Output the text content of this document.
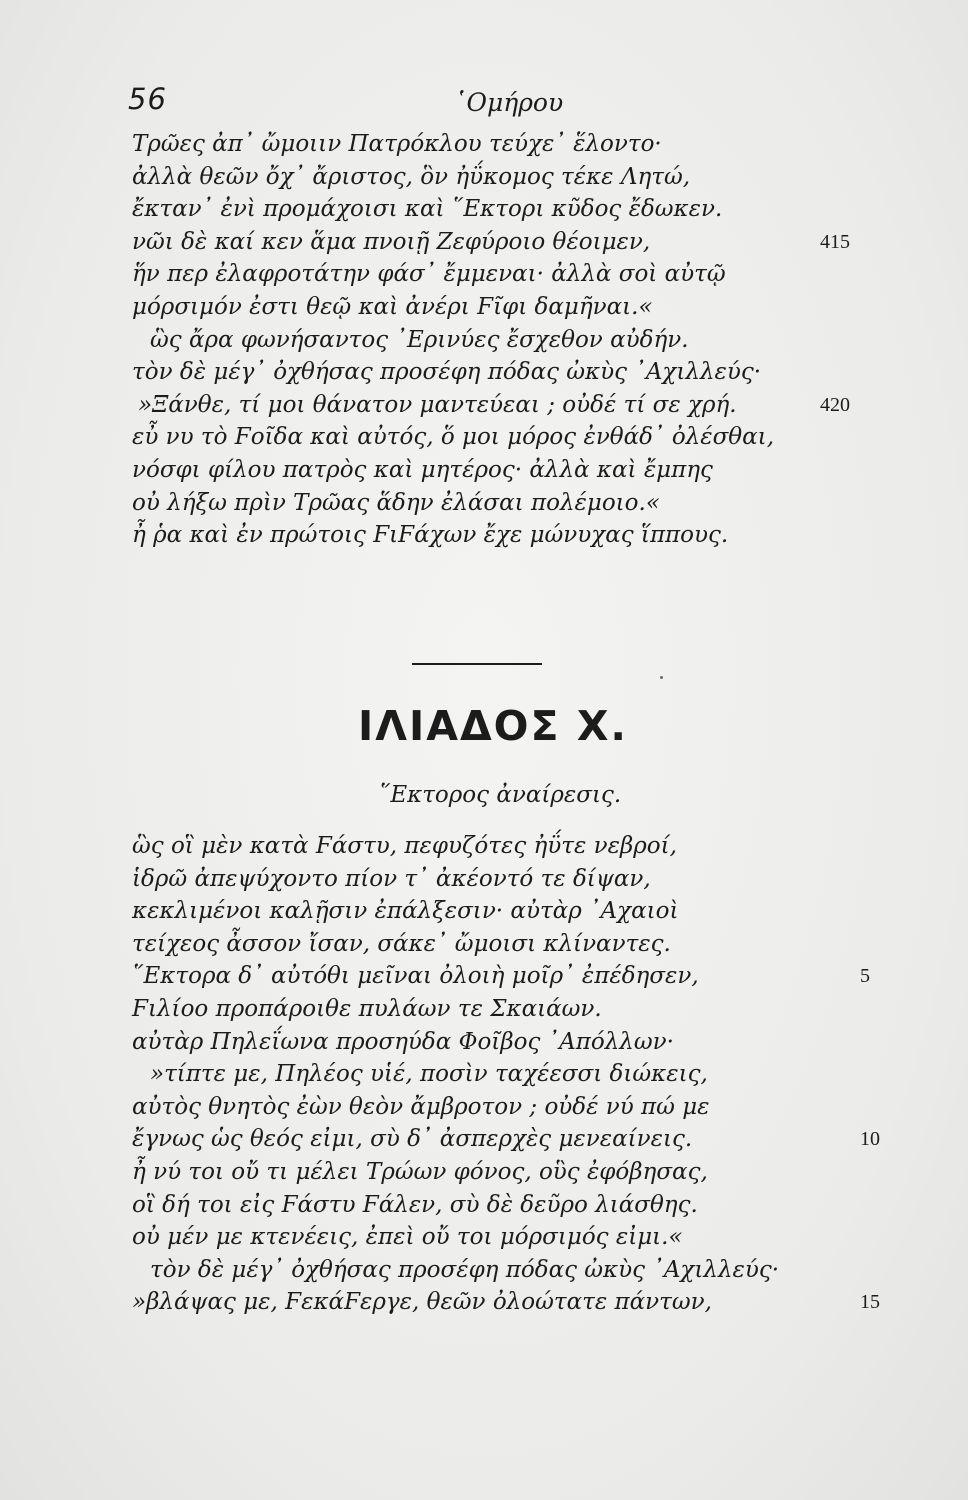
56	῾Ομήρου
Τρῶες ἀπ᾽ ὤμοιιν Πατρόκλου τεύχε᾽ ἕλοντο·
ἀλλὰ θεῶν ὄχ᾽ ἄριστος, ὃν ἠΰκομος τέκε Λητώ,
ἔκταν᾽ ἐνὶ προμάχοισι καὶ ῞Εκτορι κῦδος ἔδωκεν.
νῶι δὲ καί κεν ἅμα πνοιῇ Ζεφύροιο θέοιμεν,	415
ἥν περ ἐλαφροτάτην φάσ᾽ ἔμμεναι· ἀλλὰ σοὶ αὐτῷ
μόρσιμόν ἐστι θεῷ καὶ ἀνέρι Ϝῖφι δαμῆναι.«
ὣς ἄρα φωνήσαντος ᾽Ερινύες ἔσχεθον αὐδήν.
τὸν δὲ μέγ᾽ ὀχθήσας προσέφη πόδας ὠκὺς ᾽Αχιλλεύς·
»Ξάνθε, τί μοι θάνατον μαντεύεαι ; οὐδέ τί σε χρή.	420
εὖ νυ τὸ Ϝοῖδα καὶ αὐτός, ὅ μοι μόρος ἐνθάδ᾽ ὀλέσθαι,
νόσφι φίλου πατρὸς καὶ μητέρος· ἀλλὰ καὶ ἔμπης
οὐ λήξω πρὶν Τρῶας ἅδην ἐλάσαι πολέμοιο.«
ἦ ῥα καὶ ἐν πρώτοις ϜιϜάχων ἔχε μώνυχας ἵππους.
ΙΛΙΑΔΟΣ Χ.
῞Εκτορος ἀναίρεσις.
ὣς οἳ μὲν κατὰ Ϝάστυ, πεφυζότες ἠΰτε νεβροί,
ἱδρῶ ἀπεψύχοντο πίον τ᾽ ἀκέοντό τε δίψαν,
κεκλιμένοι καλῇσιν ἐπάλξεσιν· αὐτὰρ ᾽Αχαιοὶ
τείχεος ἆσσον ἴσαν, σάκε᾽ ὤμοισι κλίναντες.
῞Εκτορα δ᾽ αὐτόθι μεῖναι ὀλοιὴ μοῖρ᾽ ἐπέδησεν,	5
Ϝιλίοο προπάροιθε πυλάων τε Σκαιάων.
αὐτὰρ Πηλεΐωνα προσηύδα Φοῖβος ᾽Απόλλων·
»τίπτε με, Πηλέος υἱέ, ποσὶν ταχέεσσι διώκεις,
αὐτὸς θνητὸς ἐὼν θεὸν ἄμβροτον ; οὐδέ νύ πώ με
ἔγνως ὡς θεός εἰμι, σὺ δ᾽ ἀσπερχὲς μενεαίνεις.	10
ἦ νύ τοι οὔ τι μέλει Τρώων φόνος, οὓς ἐφόβησας,
οἳ δή τοι εἰς Ϝάστυ Ϝάλεν, σὺ δὲ δεῦρο λιάσθης.
οὐ μέν με κτενέεις, ἐπεὶ οὔ τοι μόρσιμός εἰμι.«
τὸν δὲ μέγ᾽ ὀχθήσας προσέφη πόδας ὠκὺς ᾽Αχιλλεύς·
»βλάψας με, ϜεκάϜεργε, θεῶν ὀλοώτατε πάντων,	15
